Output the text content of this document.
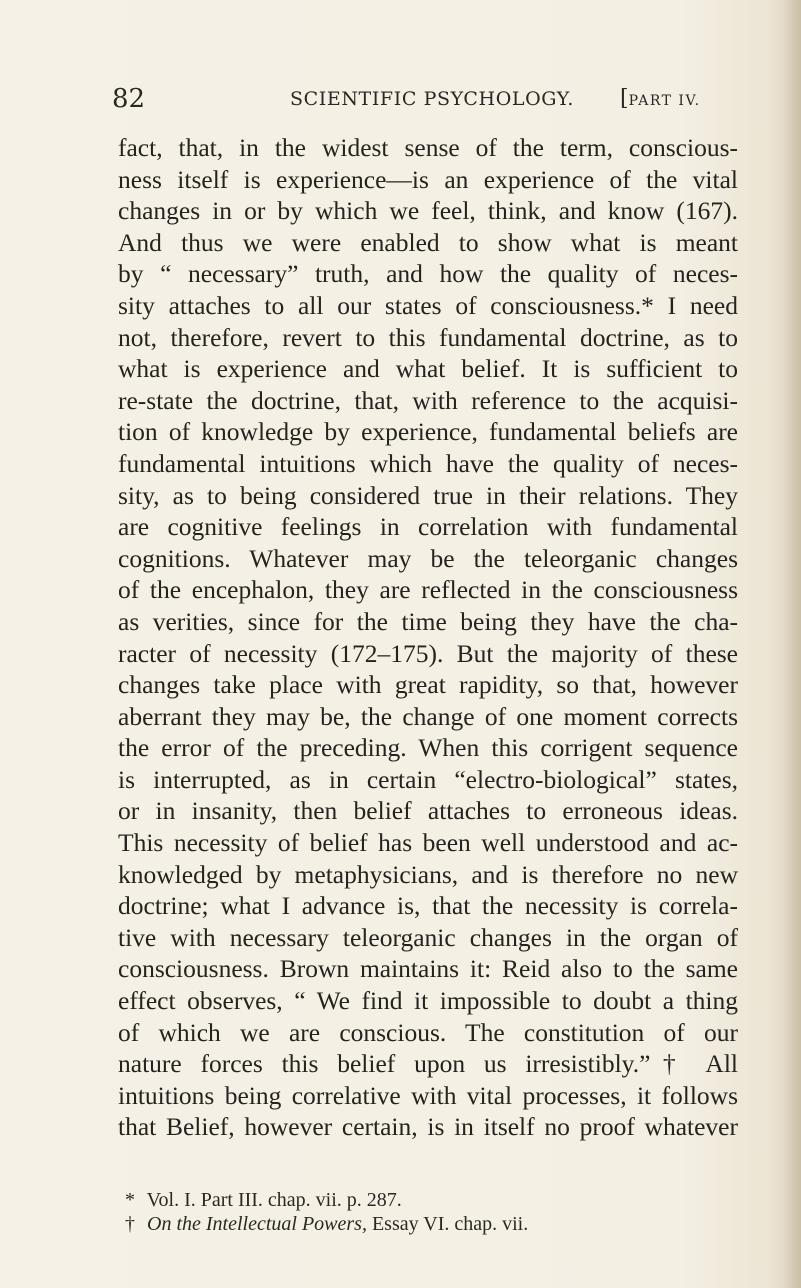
82	SCIENTIFIC PSYCHOLOGY. [PART IV.
fact, that, in the widest sense of the term, conscious-
ness itself is experience—is an experience of the vital
changes in or by which we feel, think, and know (167).
And thus we were enabled to show what is meant
by “ necessary” truth, and how the quality of neces-
sity attaches to all our states of consciousness.* I need
not, therefore, revert to this fundamental doctrine, as to
what is experience and what belief. It is sufficient to
re-state the doctrine, that, with reference to the acquisi-
tion of knowledge by experience, fundamental beliefs are
fundamental intuitions which have the quality of neces-
sity, as to being considered true in their relations. They
are cognitive feelings in correlation with fundamental
cognitions. Whatever may be the teleorganic changes
of the encephalon, they are reflected in the consciousness
as verities, since for the time being they have the cha-
racter of necessity (172–175). But the majority of these
changes take place with great rapidity, so that, however
aberrant they may be, the change of one moment corrects
the error of the preceding. When this corrigent sequence
is interrupted, as in certain “electro-biological” states,
or in insanity, then belief attaches to erroneous ideas.
This necessity of belief has been well understood and ac-
knowledged by metaphysicians, and is therefore no new
doctrine; what I advance is, that the necessity is correla-
tive with necessary teleorganic changes in the organ of
consciousness. Brown maintains it: Reid also to the same
effect observes, “ We find it impossible to doubt a thing
of which we are conscious. The constitution of our
nature forces this belief upon us irresistibly.”† All
intuitions being correlative with vital processes, it follows
that Belief, however certain, is in itself no proof whatever
* Vol. I. Part III. chap. vii. p. 287.
† On the Intellectual Powers, Essay VI. chap. vii.
